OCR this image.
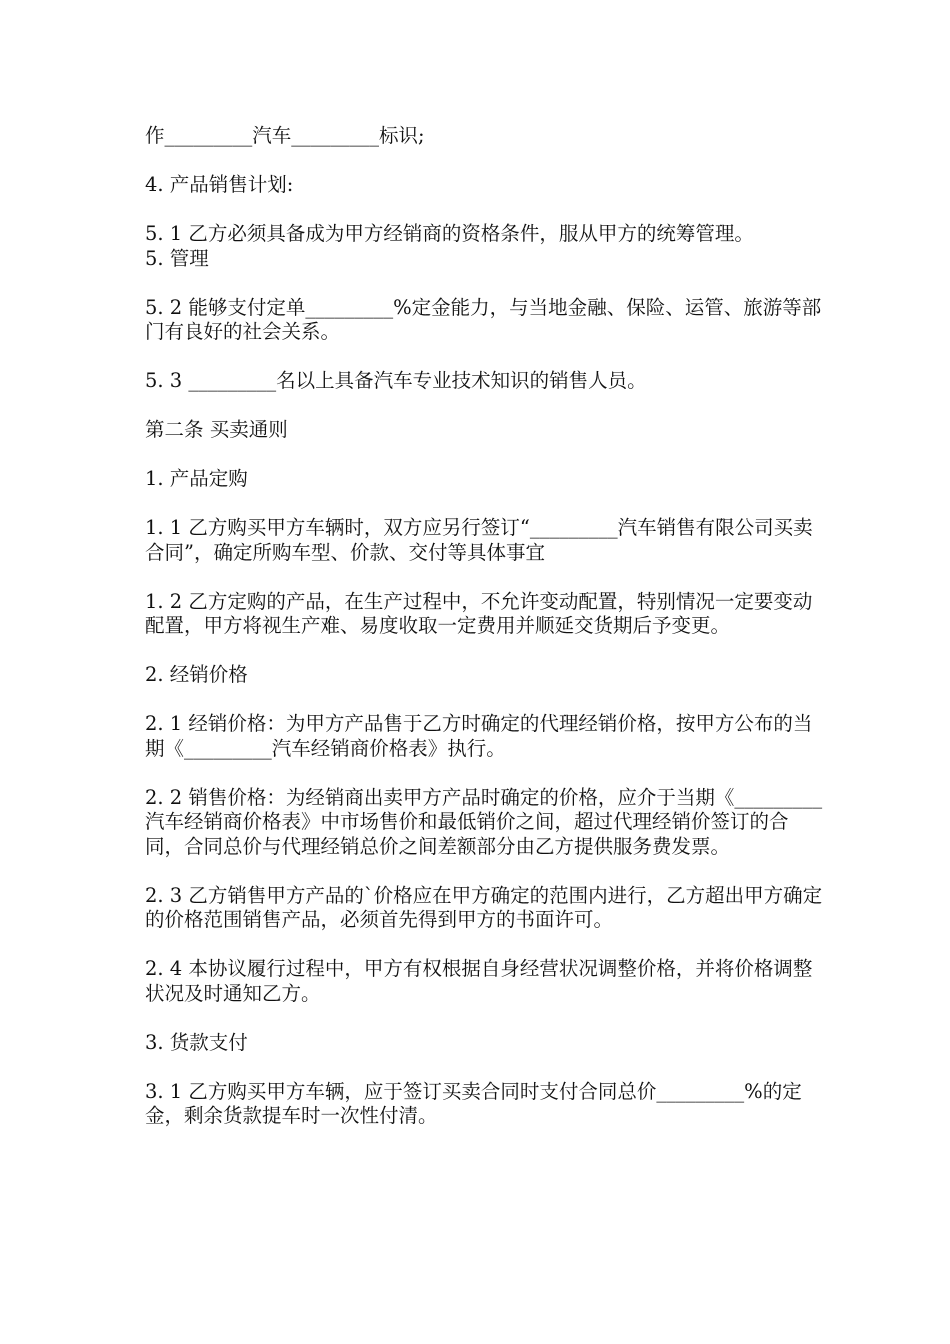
作_________汽车_________标识;

4. 产品销售计划:

5. 1 乙方必须具备成为甲方经销商的资格条件，服从甲方的统筹管理。

5. 管理

5. 2 能够支付定单_________%定金能力，与当地金融、保险、运管、旅游等部门有良好的社会关系。

5. 3 _________名以上具备汽车专业技术知识的销售人员。

第二条 买卖通则

1. 产品定购

1. 1 乙方购买甲方车辆时，双方应另行签订“_________汽车销售有限公司买卖合同”，确定所购车型、价款、交付等具体事宜

1. 2 乙方定购的产品，在生产过程中，不允许变动配置，特别情况一定要变动配置，甲方将视生产难、易度收取一定费用并顺延交货期后予变更。

2. 经销价格

2. 1 经销价格：为甲方产品售于乙方时确定的代理经销价格，按甲方公布的当期《_________汽车经销商价格表》执行。

2. 2 销售价格：为经销商出卖甲方产品时确定的价格，应介于当期《_________汽车经销商价格表》中市场售价和最低销价之间，超过代理经销价签订的合同，合同总价与代理经销总价之间差额部分由乙方提供服务费发票。

2. 3 乙方销售甲方产品的`价格应在甲方确定的范围内进行，乙方超出甲方确定的价格范围销售产品，必须首先得到甲方的书面许可。

2. 4 本协议履行过程中，甲方有权根据自身经营状况调整价格，并将价格调整状况及时通知乙方。

3. 货款支付

3. 1 乙方购买甲方车辆，应于签订买卖合同时支付合同总价_________%的定金，剩余货款提车时一次性付清。
